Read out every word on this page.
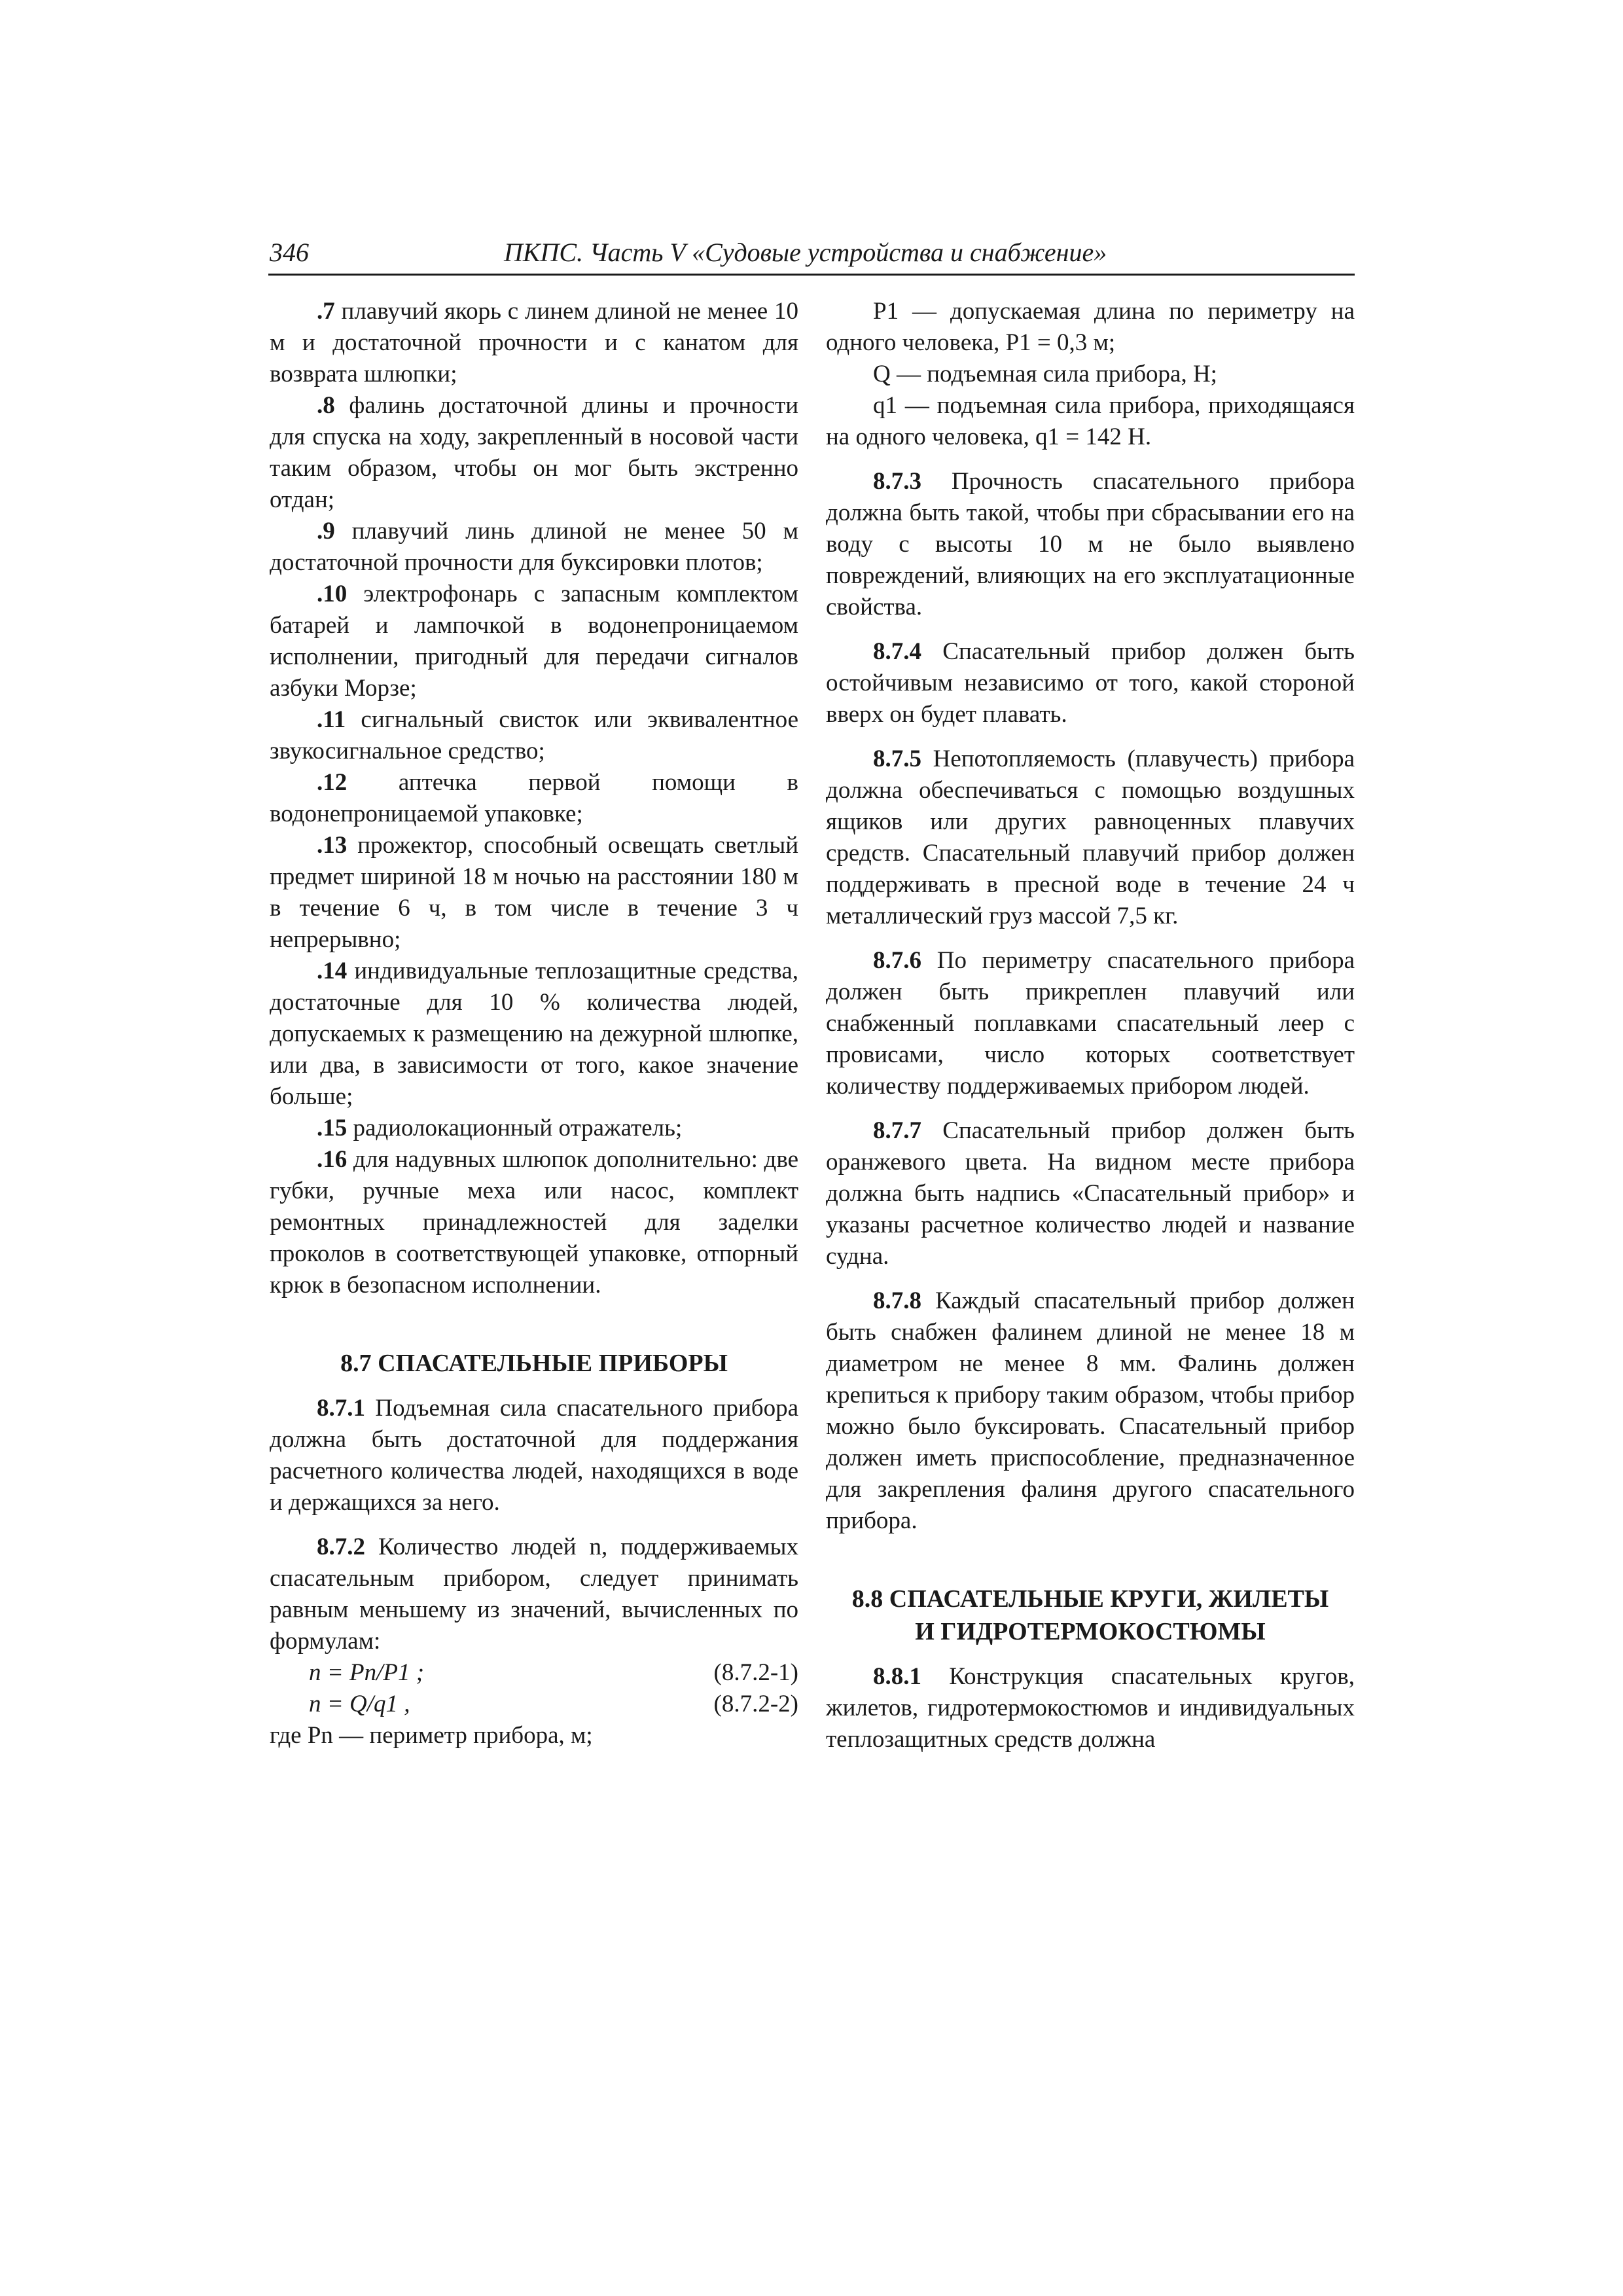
346	ПКПС. Часть V «Судовые устройства и снабжение»

.7 плавучий якорь с линем длиной не менее 10 м и достаточной прочности и с канатом для возврата шлюпки;

.8 фалинь достаточной длины и прочности для спуска на ходу, закрепленный в носовой части таким образом, чтобы он мог быть экстренно отдан;

.9 плавучий линь длиной не менее 50 м достаточной прочности для буксировки плотов;

.10 электрофонарь с запасным комплектом батарей и лампочкой в водонепроницаемом исполнении, пригодный для передачи сигналов азбуки Морзе;

.11 сигнальный свисток или эквивалентное звукосигнальное средство;

.12 аптечка первой помощи в водонепроницаемой упаковке;

.13 прожектор, способный освещать светлый предмет шириной 18 м ночью на расстоянии 180 м в течение 6 ч, в том числе в течение 3 ч непрерывно;

.14 индивидуальные теплозащитные средства, достаточные для 10 % количества людей, допускаемых к размещению на дежурной шлюпке, или два, в зависимости от того, какое значение больше;

.15 радиолокационный отражатель;

.16 для надувных шлюпок дополнительно: две губки, ручные меха или насос, комплект ремонтных принадлежностей для заделки проколов в соответствующей упаковке, отпорный крюк в безопасном исполнении.

8.7 СПАСАТЕЛЬНЫЕ ПРИБОРЫ

8.7.1 Подъемная сила спасательного прибора должна быть достаточной для поддержания расчетного количества людей, находящихся в воде и держащихся за него.

8.7.2 Количество людей n, поддерживаемых спасательным прибором, следует принимать равным меньшему из значений, вычисленных по формулам:

n = Pn/P1 ;	(8.7.2-1)
n = Q/q1 ,	(8.7.2-2)

где Pn — периметр прибора, м;

P1 — допускаемая длина по периметру на одного человека, P1 = 0,3 м;

Q — подъемная сила прибора, Н;

q1 — подъемная сила прибора, приходящаяся на одного человека, q1 = 142 Н.

8.7.3 Прочность спасательного прибора должна быть такой, чтобы при сбрасывании его на воду с высоты 10 м не было выявлено повреждений, влияющих на его эксплуатационные свойства.

8.7.4 Спасательный прибор должен быть остойчивым независимо от того, какой стороной вверх он будет плавать.

8.7.5 Непотопляемость (плавучесть) прибора должна обеспечиваться с помощью воздушных ящиков или других равноценных плавучих средств. Спасательный плавучий прибор должен поддерживать в пресной воде в течение 24 ч металлический груз массой 7,5 кг.

8.7.6 По периметру спасательного прибора должен быть прикреплен плавучий или снабженный поплавками спасательный леер с провисами, число которых соответствует количеству поддерживаемых прибором людей.

8.7.7 Спасательный прибор должен быть оранжевого цвета. На видном месте прибора должна быть надпись «Спасательный прибор» и указаны расчетное количество людей и название судна.

8.7.8 Каждый спасательный прибор должен быть снабжен фалинем длиной не менее 18 м диаметром не менее 8 мм. Фалинь должен крепиться к прибору таким образом, чтобы прибор можно было буксировать. Спасательный прибор должен иметь приспособление, предназначенное для закрепления фалиня другого спасательного прибора.

8.8 СПАСАТЕЛЬНЫЕ КРУГИ, ЖИЛЕТЫ

И ГИДРОТЕРМОКОСТЮМЫ

8.8.1 Конструкция спасательных кругов, жилетов, гидротермокостюмов и индивидуальных теплозащитных средств должна
